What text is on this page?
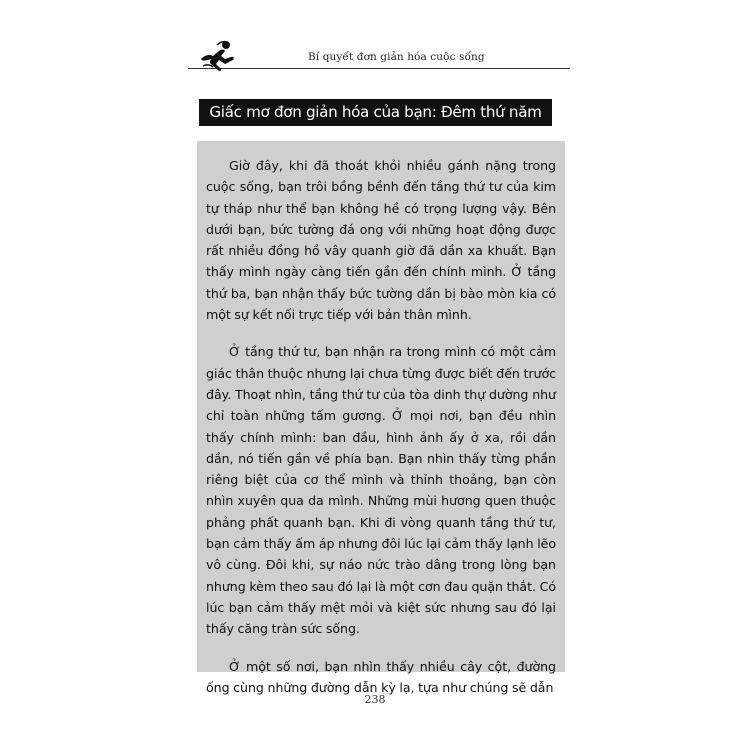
Bí quyết đơn giản hóa cuộc sống
Giấc mơ đơn giản hóa của bạn: Đêm thứ năm

Giờ đây, khi đã thoát khỏi nhiều gánh nặng trong cuộc sống, bạn trôi bồng bềnh đến tầng thứ tư của kim tự tháp như thể bạn không hề có trọng lượng vậy. Bên dưới bạn, bức tường đá ong với những hoạt động được rất nhiều đồng hồ vây quanh giờ đã dần xa khuất. Bạn thấy mình ngày càng tiến gần đến chính mình. Ở tầng thứ ba, bạn nhận thấy bức tường dần bị bào mòn kia có một sự kết nối trực tiếp với bản thân mình.

Ở tầng thứ tư, bạn nhận ra trong mình có một cảm giác thân thuộc nhưng lại chưa từng được biết đến trước đây. Thoạt nhìn, tầng thứ tư của tòa dinh thự dường như chỉ toàn những tấm gương. Ở mọi nơi, bạn đều nhìn thấy chính mình: ban đầu, hình ảnh ấy ở xa, rồi dần dần, nó tiến gần về phía bạn. Bạn nhìn thấy từng phần riêng biệt của cơ thể mình và thỉnh thoảng, bạn còn nhìn xuyên qua da mình. Những mùi hương quen thuộc phảng phất quanh bạn. Khi đi vòng quanh tầng thứ tư, bạn cảm thấy ấm áp nhưng đôi lúc lại cảm thấy lạnh lẽo vô cùng. Đôi khi, sự náo nức trào dâng trong lòng bạn nhưng kèm theo sau đó lại là một cơn đau quặn thắt. Có lúc bạn cảm thấy mệt mỏi và kiệt sức nhưng sau đó lại thấy căng tràn sức sống.

Ở một số nơi, bạn nhìn thấy nhiều cây cột, đường ống cùng những đường dẫn kỳ lạ, tựa như chúng sẽ dẫn

238
